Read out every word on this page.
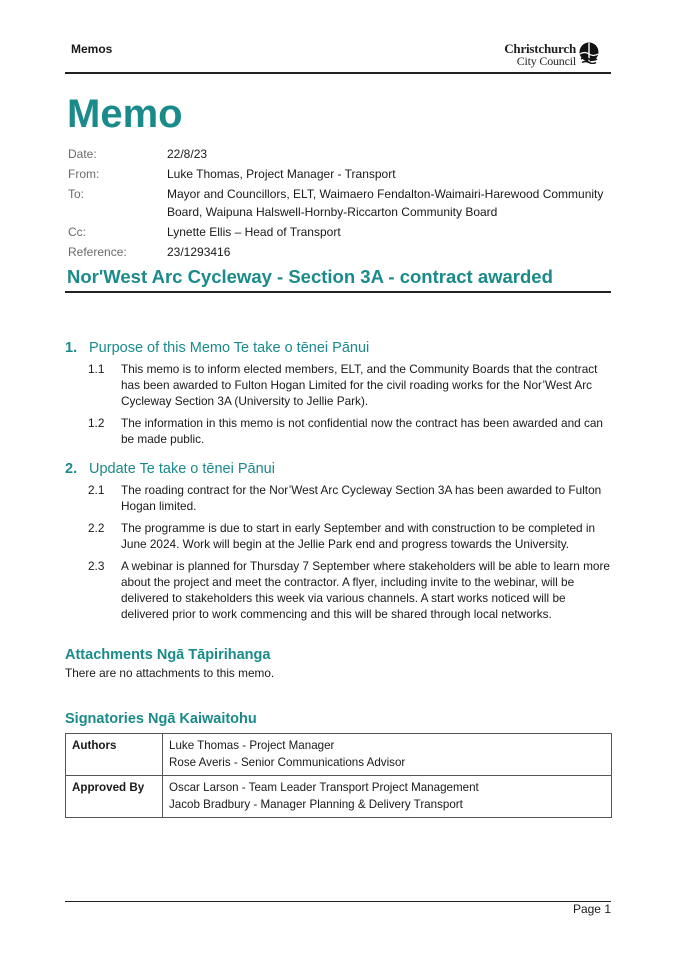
Memos	Christchurch
City Council
Memo
Date:	22/8/23
From:	Luke Thomas, Project Manager - Transport
To:	Mayor and Councillors, ELT, Waimaero Fendalton-Waimairi-Harewood Community Board, Waipuna Halswell-Hornby-Riccarton Community Board
Cc:	Lynette Ellis – Head of Transport
Reference:	23/1293416
Nor'West Arc Cycleway - Section 3A - contract awarded
1. Purpose of this Memo Te take o tēnei Pānui
1.1	This memo is to inform elected members, ELT, and the Community Boards that the contract has been awarded to Fulton Hogan Limited for the civil roading works for the Nor’West Arc Cycleway Section 3A (University to Jellie Park).
1.2	The information in this memo is not confidential now the contract has been awarded and can be made public.
2. Update Te take o tēnei Pānui
2.1	The roading contract for the Nor’West Arc Cycleway Section 3A has been awarded to Fulton Hogan limited.
2.2	The programme is due to start in early September and with construction to be completed in June 2024. Work will begin at the Jellie Park end and progress towards the University.
2.3	A webinar is planned for Thursday 7 September where stakeholders will be able to learn more about the project and meet the contractor. A flyer, including invite to the webinar, will be delivered to stakeholders this week via various channels. A start works noticed will be delivered prior to work commencing and this will be shared through local networks.
Attachments Ngā Tāpirihanga
There are no attachments to this memo.
Signatories Ngā Kaiwaitohu
Authors	Luke Thomas - Project Manager
Rose Averis - Senior Communications Advisor

Approved By	Oscar Larson - Team Leader Transport Project Management
Jacob Bradbury - Manager Planning & Delivery Transport
Page 1
